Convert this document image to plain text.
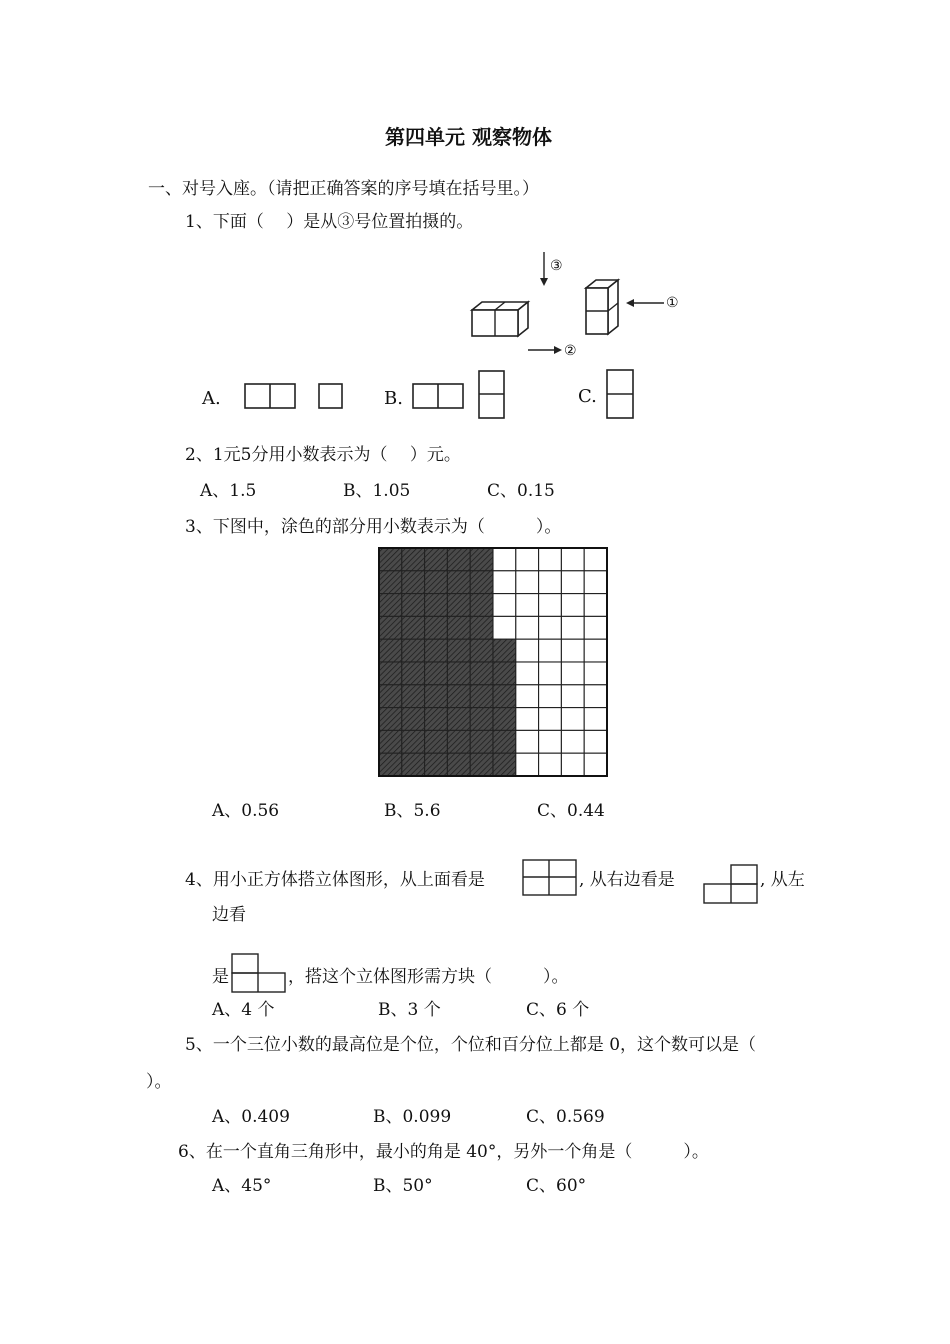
第四单元 观察物体
一、对号入座。（请把正确答案的序号填在括号里。）
1、下面（　 ）是从③号位置拍摄的。
③
①
②
A.	B.	C.
2、1元5分用小数表示为（　 ）元。
A、1.5	B、1.05	C、0.15
3、下图中，涂色的部分用小数表示为（　　　）。
A、0.56	B、5.6	C、0.44
4、用小正方体搭立体图形，从上面看是	, 从右边看是	, 从左
边看
是	，搭这个立体图形需方块（　　　）。
A、4 个	B、3 个	C、6 个
5、一个三位小数的最高位是个位，个位和百分位上都是 0，这个数可以是（
）。
A、0.409	B、0.099	C、0.569
6、在一个直角三角形中，最小的角是 40°，另外一个角是（　　　）。
A、45°	B、50°	C、60°
